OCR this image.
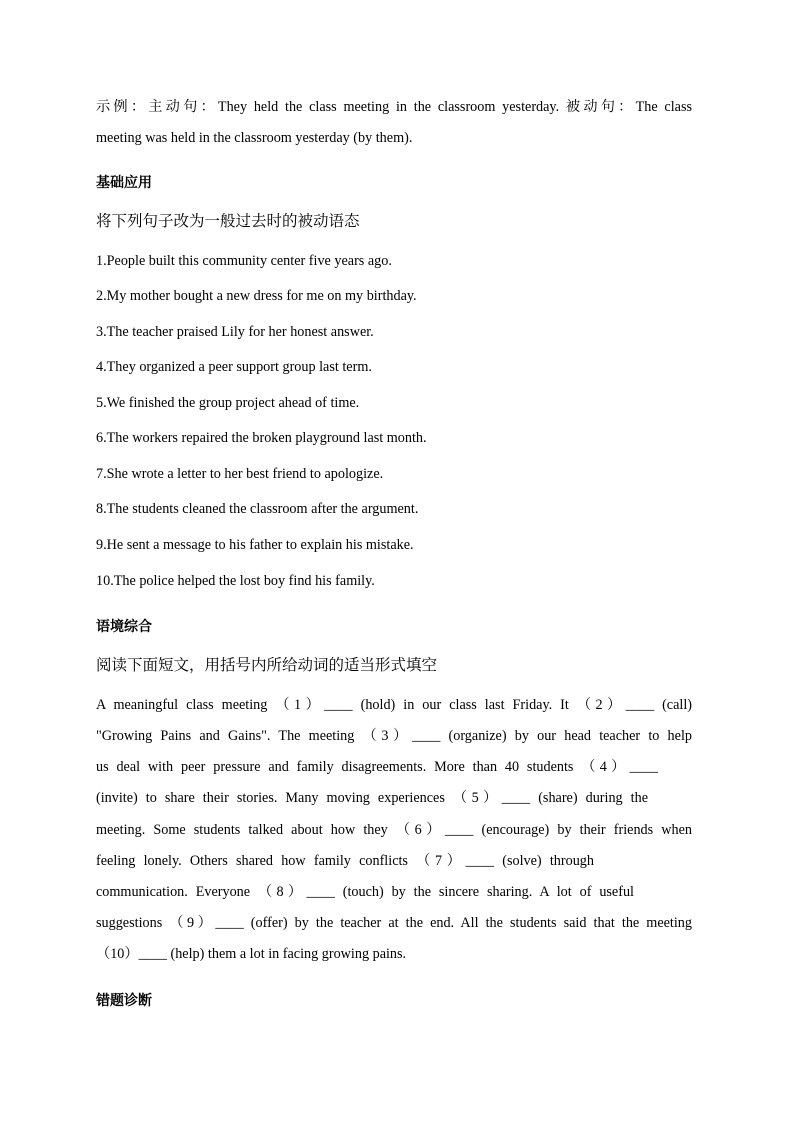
示例：主动句：They held the class meeting in the classroom yesterday. 被动句：The class
meeting was held in the classroom yesterday (by them).
基础应用
将下列句子改为一般过去时的被动语态
1.People built this community center five years ago.
2.My mother bought a new dress for me on my birthday.
3.The teacher praised Lily for her honest answer.
4.They organized a peer support group last term.
5.We finished the group project ahead of time.
6.The workers repaired the broken playground last month.
7.She wrote a letter to her best friend to apologize.
8.The students cleaned the classroom after the argument.
9.He sent a message to his father to explain his mistake.
10.The police helped the lost boy find his family.
语境综合
阅读下面短文，用括号内所给动词的适当形式填空
A meaningful class meeting （1）____ (hold) in our class last Friday. It （2）____ (call)
"Growing Pains and Gains". The meeting （3）____ (organize) by our head teacher to help
us deal with peer pressure and family disagreements. More than 40 students （4）____
(invite) to share their stories. Many moving experiences （5）____ (share) during the
meeting. Some students talked about how they （6）____ (encourage) by their friends when
feeling lonely. Others shared how family conflicts （7）____ (solve) through
communication. Everyone （8）____ (touch) by the sincere sharing. A lot of useful
suggestions （9）____ (offer) by the teacher at the end. All the students said that the meeting
（10）____ (help) them a lot in facing growing pains.
错题诊断
